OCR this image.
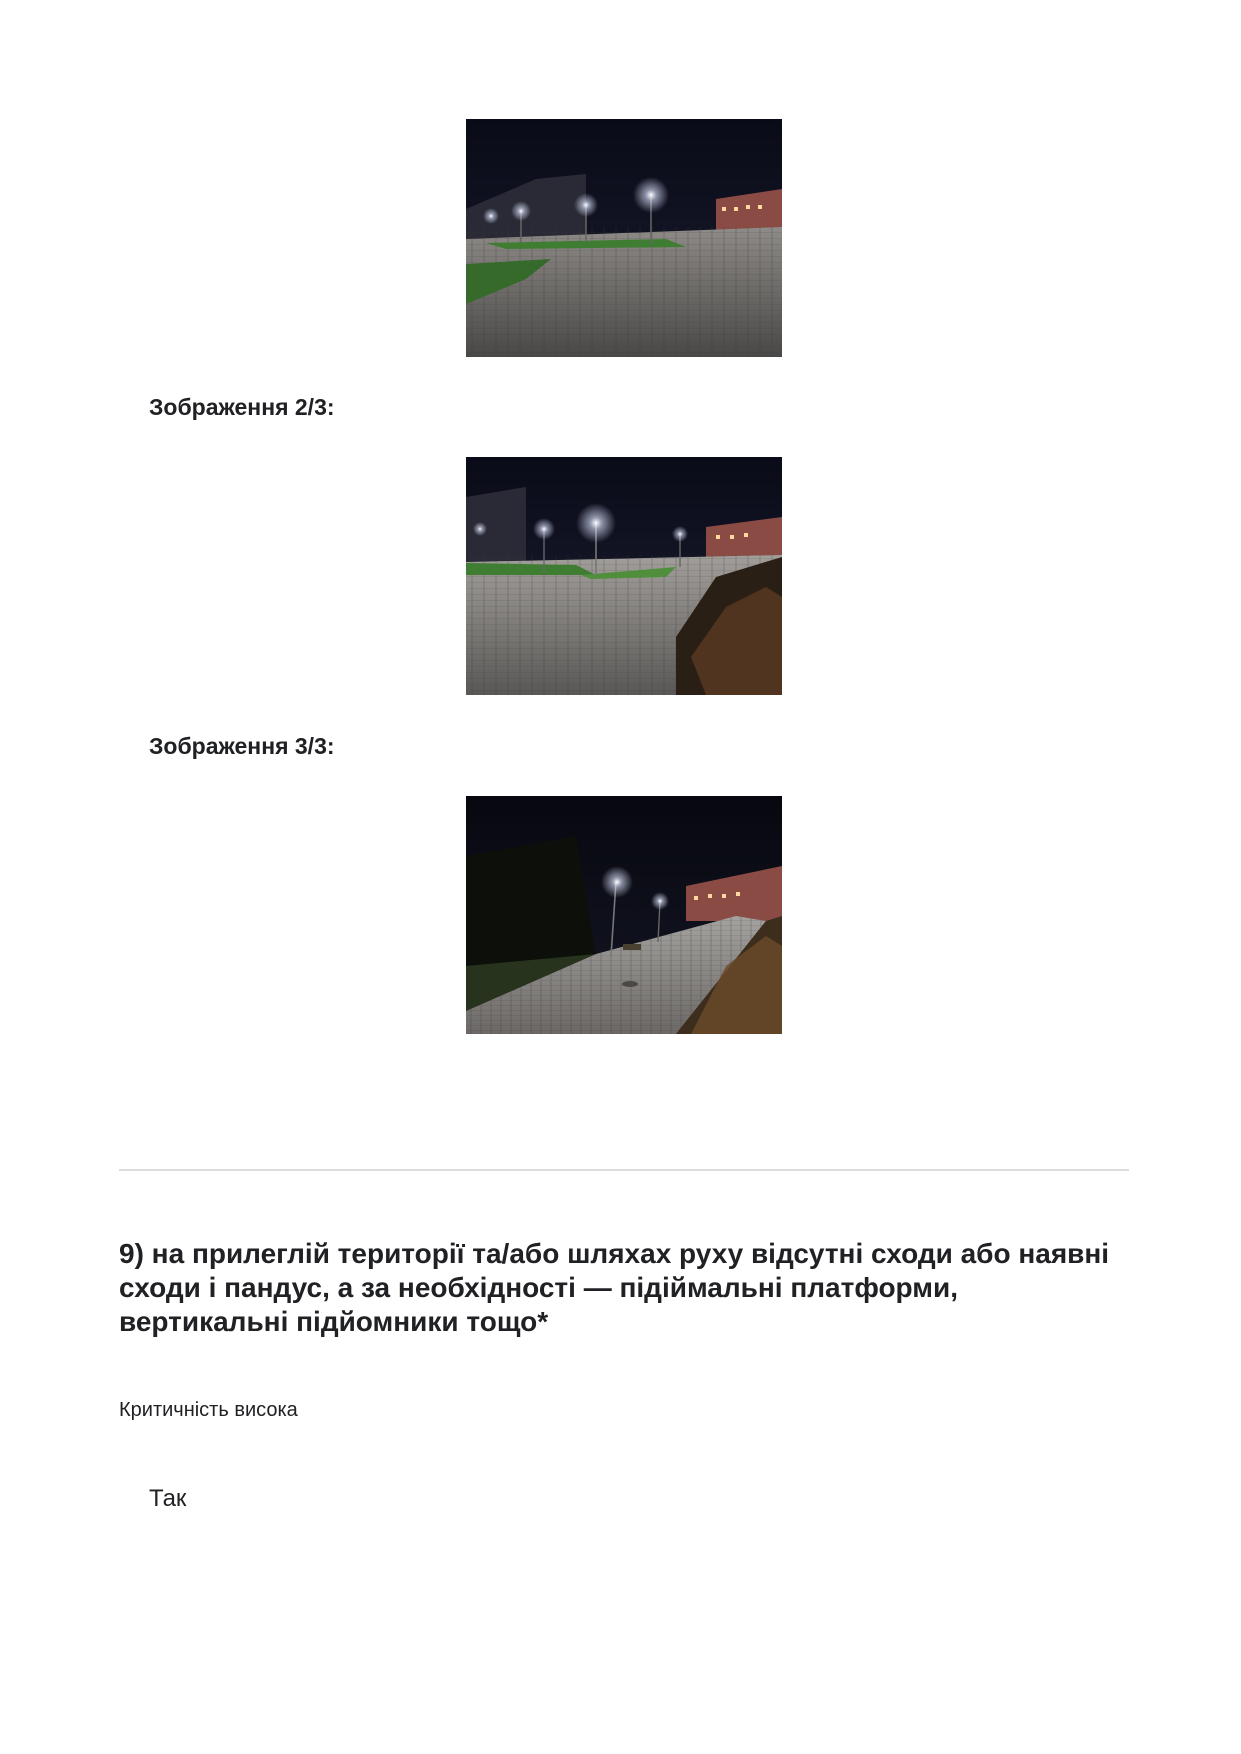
Зображення 2/3:

Зображення 3/3:

9) на прилеглій території та/або шляхах руху відсутні сходи або наявні сходи і пандус, а за необхідності — підіймальні платформи, вертикальні підйомники тощо*
Критичність висока
Так
